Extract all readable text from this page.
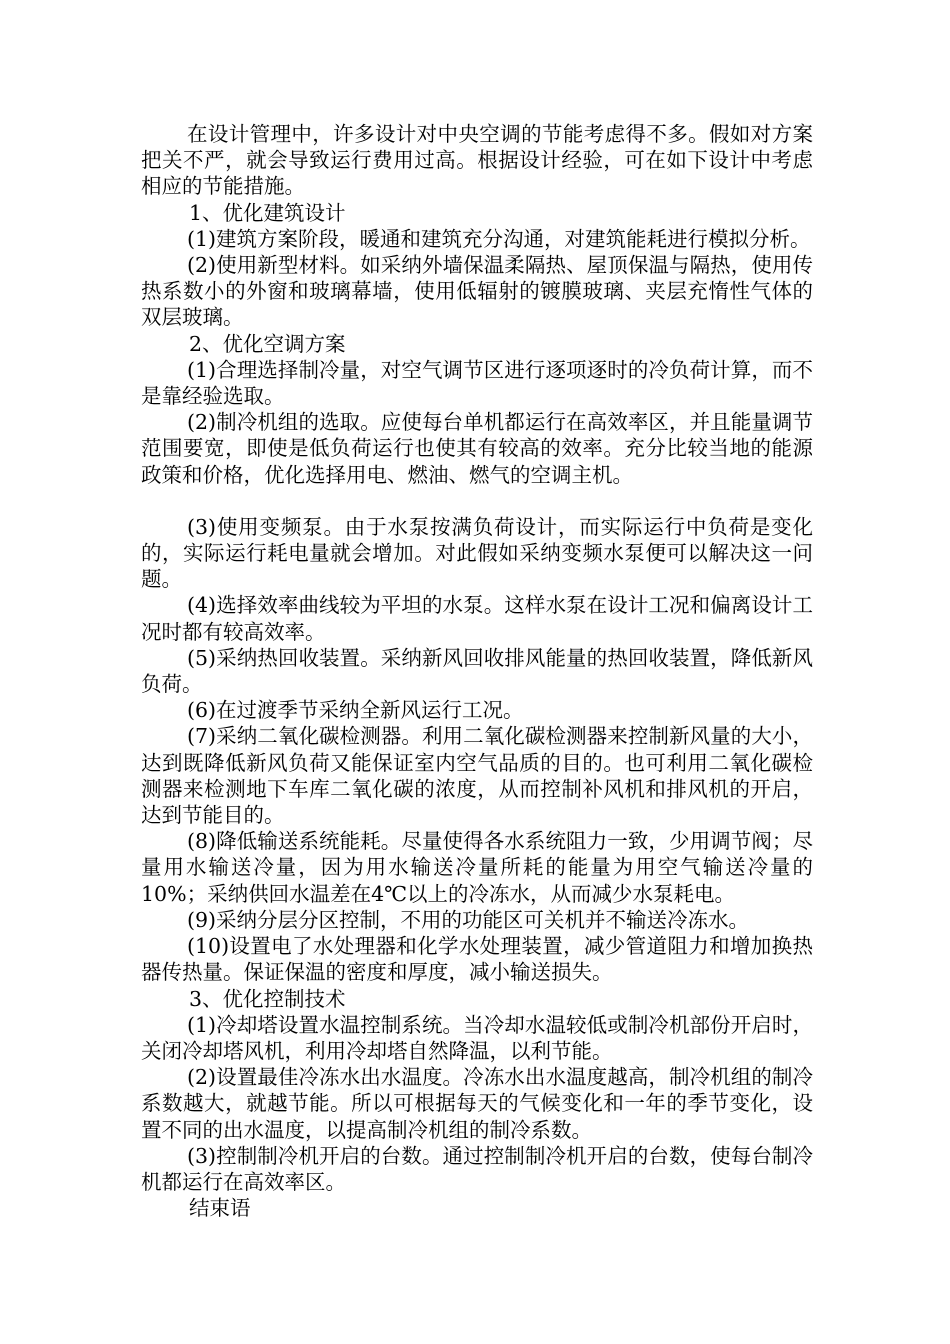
在设计管理中，许多设计对中央空调的节能考虑得不多。假如对方案把关不严，就会导致运行费用过高。根据设计经验，可在如下设计中考虑相应的节能措施。

1、优化建筑设计

(1)建筑方案阶段，暖通和建筑充分沟通，对建筑能耗进行模拟分析。

(2)使用新型材料。如采纳外墙保温柔隔热、屋顶保温与隔热，使用传热系数小的外窗和玻璃幕墙，使用低辐射的镀膜玻璃、夹层充惰性气体的双层玻璃。

2、优化空调方案

(1)合理选择制冷量，对空气调节区进行逐项逐时的冷负荷计算，而不是靠经验选取。

(2)制冷机组的选取。应使每台单机都运行在高效率区，并且能量调节范围要宽，即使是低负荷运行也使其有较高的效率。充分比较当地的能源政策和价格，优化选择用电、燃油、燃气的空调主机。

(3)使用变频泵。由于水泵按满负荷设计，而实际运行中负荷是变化的，实际运行耗电量就会增加。对此假如采纳变频水泵便可以解决这一问题。

(4)选择效率曲线较为平坦的水泵。这样水泵在设计工况和偏离设计工况时都有较高效率。

(5)采纳热回收装置。采纳新风回收排风能量的热回收装置，降低新风负荷。

(6)在过渡季节采纳全新风运行工况。

(7)采纳二氧化碳检测器。利用二氧化碳检测器来控制新风量的大小，达到既降低新风负荷又能保证室内空气品质的目的。也可利用二氧化碳检测器来检测地下车库二氧化碳的浓度，从而控制补风机和排风机的开启，达到节能目的。

(8)降低输送系统能耗。尽量使得各水系统阻力一致，少用调节阀；尽量用水输送冷量，因为用水输送冷量所耗的能量为用空气输送冷量的10%；采纳供回水温差在4℃以上的冷冻水，从而减少水泵耗电。

(9)采纳分层分区控制，不用的功能区可关机并不输送冷冻水。

(10)设置电了水处理器和化学水处理装置，减少管道阻力和增加换热器传热量。保证保温的密度和厚度，减小输送损失。

3、优化控制技术

(1)冷却塔设置水温控制系统。当冷却水温较低或制冷机部份开启时，关闭冷却塔风机，利用冷却塔自然降温，以利节能。

(2)设置最佳冷冻水出水温度。冷冻水出水温度越高，制冷机组的制冷系数越大，就越节能。所以可根据每天的气候变化和一年的季节变化，设置不同的出水温度，以提高制冷机组的制冷系数。

(3)控制制冷机开启的台数。通过控制制冷机开启的台数，使每台制冷机都运行在高效率区。

结束语
